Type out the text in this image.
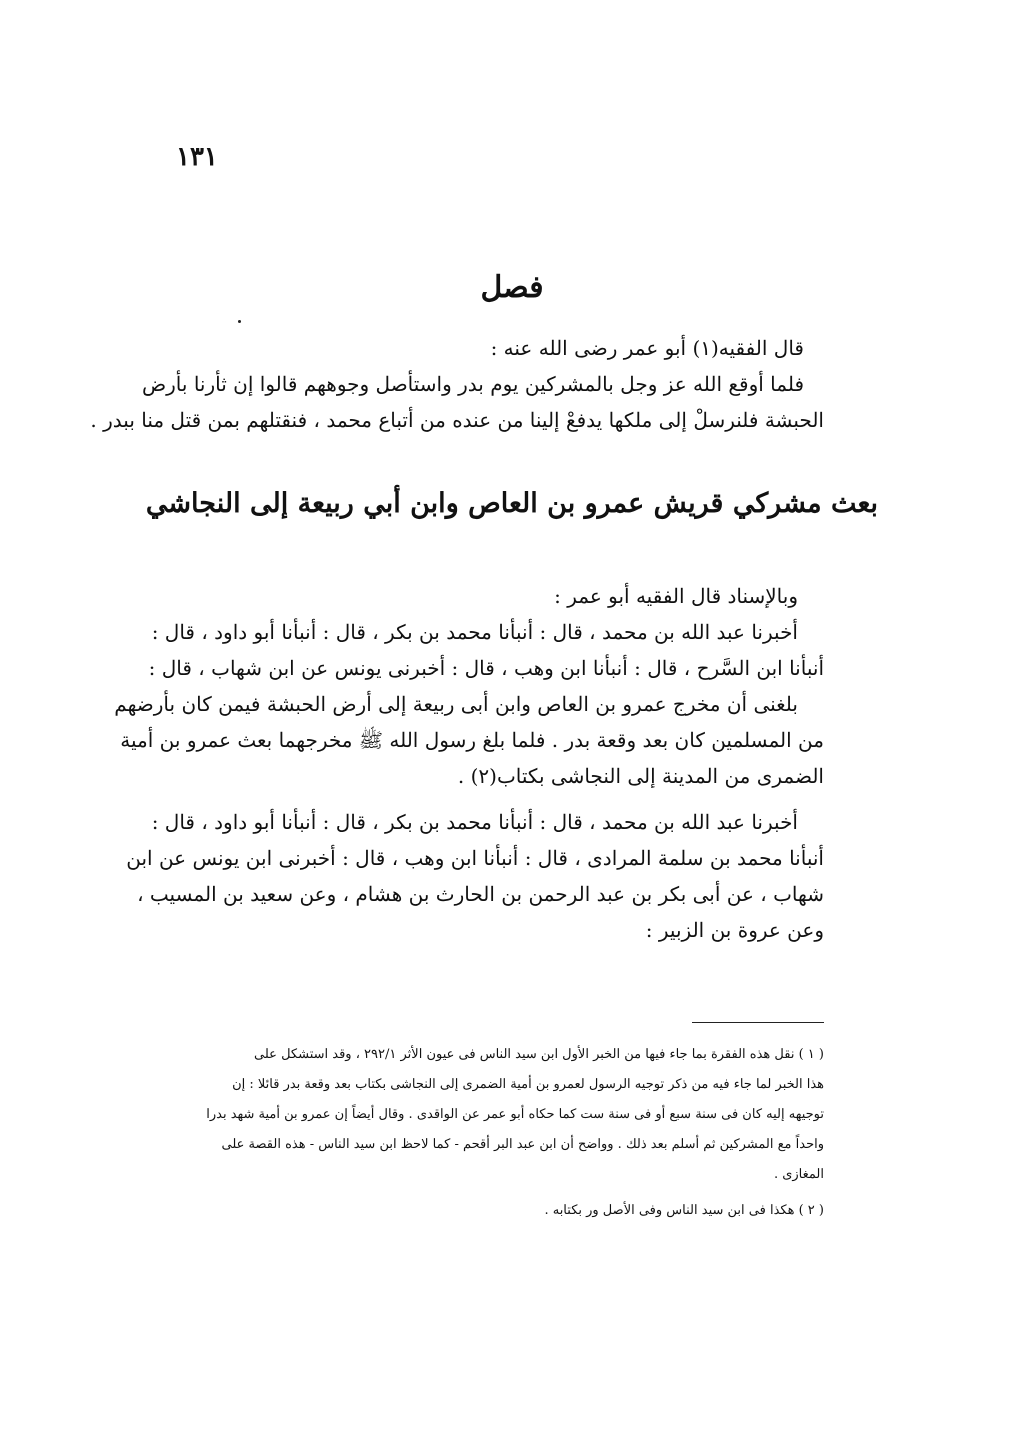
١٣١
فصل
قال الفقيه(١) أبو عمر رضى الله عنه :
فلما أوقع الله عز وجل بالمشركين يوم بدر واستأصل وجوههم قالوا إن ثأرنا بأرض
الحبشة فلنرسلْ إلى ملكها يدفعْ إلينا من عنده من أتباع محمد ، فنقتلهم بمن قتل منا ببدر .
بعث مشركي قريش عمرو بن العاص وابن أبي ربيعة إلى النجاشي
وبالإسناد قال الفقيه أبو عمر :
أخبرنا عبد الله بن محمد ، قال : أنبأنا محمد بن بكر ، قال : أنبأنا أبو داود ، قال :
أنبأنا ابن السَّرح ، قال : أنبأنا ابن وهب ، قال : أخبرنى يونس عن ابن شهاب ، قال :
بلغنى أن مخرج عمرو بن العاص وابن أبى ربيعة إلى أرض الحبشة فيمن كان بأرضهم
من المسلمين كان بعد وقعة بدر . فلما بلغ رسول الله ﷺ مخرجهما بعث عمرو بن أمية
الضمرى من المدينة إلى النجاشى بكتاب(٢) .
أخبرنا عبد الله بن محمد ، قال : أنبأنا محمد بن بكر ، قال : أنبأنا أبو داود ، قال :
أنبأنا محمد بن سلمة المرادى ، قال : أنبأنا ابن وهب ، قال : أخبرنى ابن يونس عن ابن
شهاب ، عن أبى بكر بن عبد الرحمن بن الحارث بن هشام ، وعن سعيد بن المسيب ،
وعن عروة بن الزبير :
( ١ ) نقل هذه الفقرة بما جاء فيها من الخبر الأول ابن سيد الناس فى عيون الأثر ٢٩٢/١ ، وقد استشكل على
هذا الخبر لما جاء فيه من ذكر توجيه الرسول لعمرو بن أمية الضمرى إلى النجاشى بكتاب بعد وقعة بدر قائلا : إن
توجيهه إليه كان فى سنة سبع أو فى سنة ست كما حكاه أبو عمر عن الواقدى . وقال أيضاً إن عمرو بن أمية شهد بدرا
واحداً مع المشركين ثم أسلم بعد ذلك . وواضح أن ابن عبد البر أقحم - كما لاحظ ابن سيد الناس - هذه القصة على
المغازى .
( ٢ ) هكذا فى ابن سيد الناس وفى الأصل ور بكتابه .
